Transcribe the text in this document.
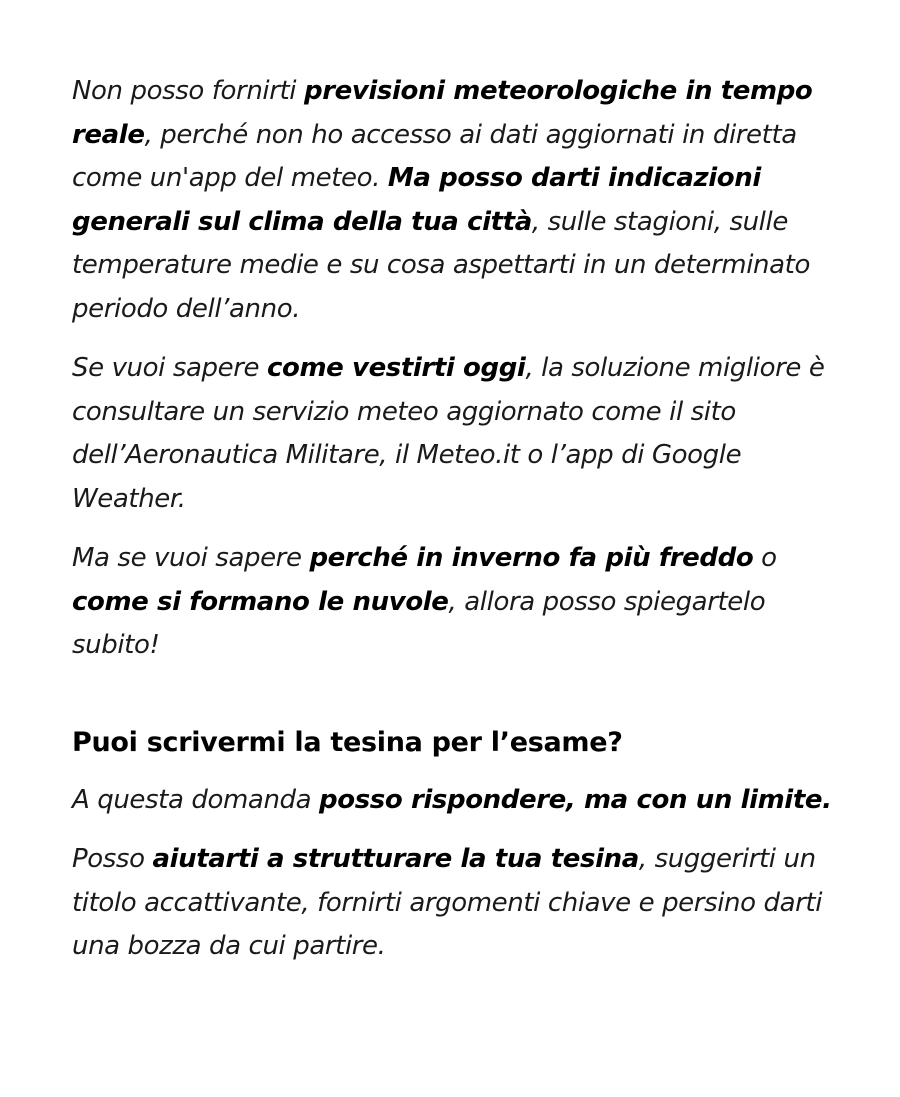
Non posso fornirti previsioni meteorologiche in tempo reale, perché non ho accesso ai dati aggiornati in diretta come un'app del meteo. Ma posso darti indicazioni generali sul clima della tua città, sulle stagioni, sulle temperature medie e su cosa aspettarti in un determinato periodo dell’anno.

Se vuoi sapere come vestirti oggi, la soluzione migliore è consultare un servizio meteo aggiornato come il sito dell’Aeronautica Militare, il Meteo.it o l’app di Google Weather.

Ma se vuoi sapere perché in inverno fa più freddo o come si formano le nuvole, allora posso spiegartelo subito!

Puoi scrivermi la tesina per l’esame?

A questa domanda posso rispondere, ma con un limite.

Posso aiutarti a strutturare la tua tesina, suggerirti un titolo accattivante, fornirti argomenti chiave e persino darti una bozza da cui partire.
